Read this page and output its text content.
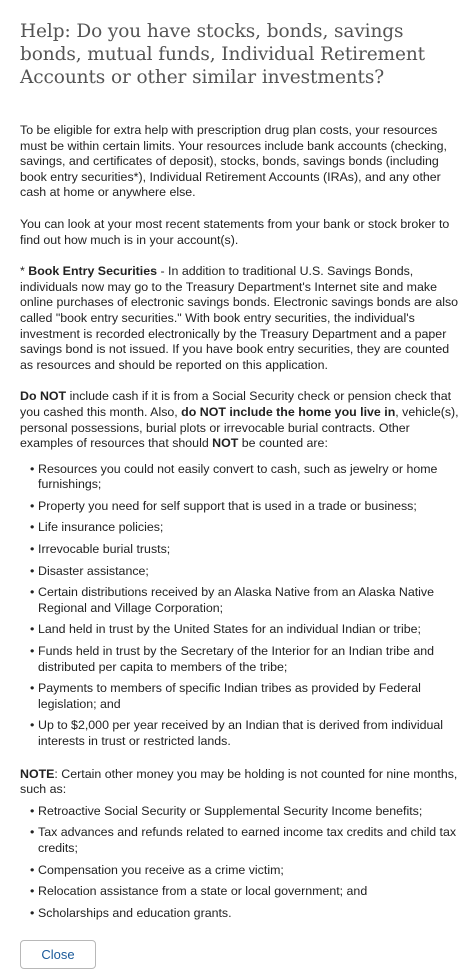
Help: Do you have stocks, bonds, savings bonds, mutual funds, Individual Retirement Accounts or other similar investments?

To be eligible for extra help with prescription drug plan costs, your resources must be within certain limits. Your resources include bank accounts (checking, savings, and certificates of deposit), stocks, bonds, savings bonds (including book entry securities*), Individual Retirement Accounts (IRAs), and any other cash at home or anywhere else.

You can look at your most recent statements from your bank or stock broker to find out how much is in your account(s).

* Book Entry Securities - In addition to traditional U.S. Savings Bonds, individuals now may go to the Treasury Department's Internet site and make online purchases of electronic savings bonds. Electronic savings bonds are also called "book entry securities." With book entry securities, the individual's investment is recorded electronically by the Treasury Department and a paper savings bond is not issued. If you have book entry securities, they are counted as resources and should be reported on this application.

Do NOT include cash if it is from a Social Security check or pension check that you cashed this month. Also, do NOT include the home you live in, vehicle(s), personal possessions, burial plots or irrevocable burial contracts. Other examples of resources that should NOT be counted are:

• Resources you could not easily convert to cash, such as jewelry or home furnishings;
• Property you need for self support that is used in a trade or business;
• Life insurance policies;
• Irrevocable burial trusts;
• Disaster assistance;
• Certain distributions received by an Alaska Native from an Alaska Native Regional and Village Corporation;
• Land held in trust by the United States for an individual Indian or tribe;
• Funds held in trust by the Secretary of the Interior for an Indian tribe and distributed per capita to members of the tribe;
• Payments to members of specific Indian tribes as provided by Federal legislation; and
• Up to $2,000 per year received by an Indian that is derived from individual interests in trust or restricted lands.

NOTE: Certain other money you may be holding is not counted for nine months, such as:

• Retroactive Social Security or Supplemental Security Income benefits;
• Tax advances and refunds related to earned income tax credits and child tax credits;
• Compensation you receive as a crime victim;
• Relocation assistance from a state or local government; and
• Scholarships and education grants.
Close
